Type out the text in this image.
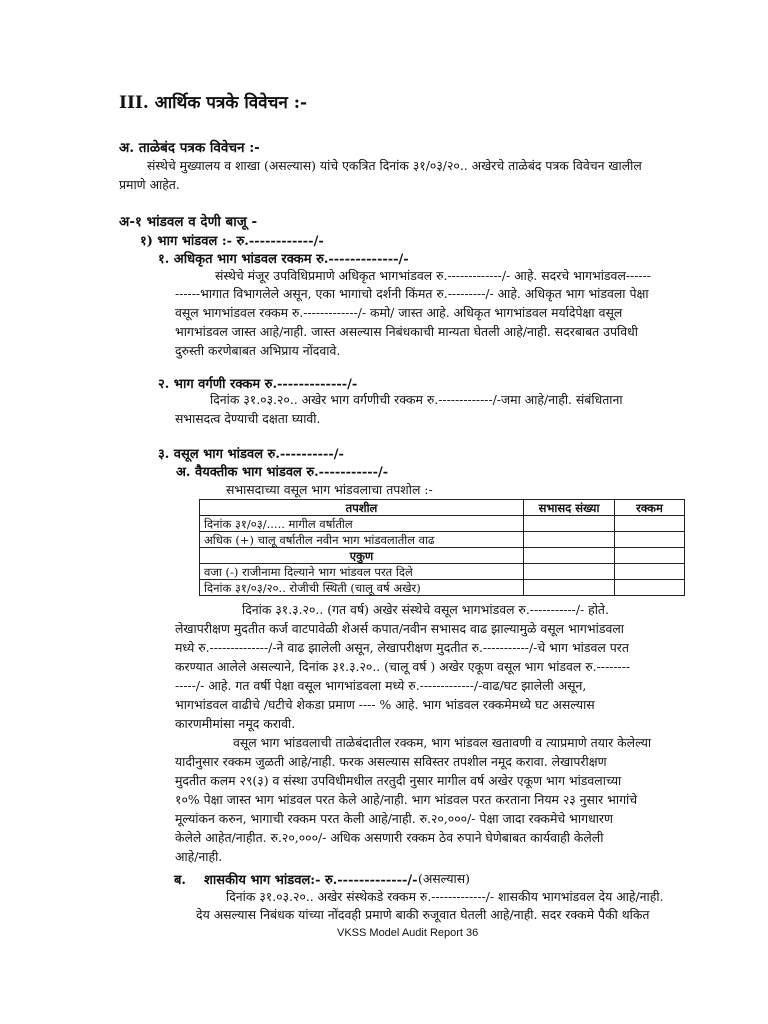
III. आर्थिक पत्रके विवेचन :-
अ. ताळेबंद पत्रक विवेचन :-
संस्थेचे मुख्यालय व शाखा (असल्यास) यांचे एकत्रित दिनांक ३१/०३/२०.. अखेरचे ताळेबंद पत्रक विवेचन खालील
प्रमाणे आहेत.
अ-१ भांडवल व देणी बाजू -
१) भाग भांडवल :- रु.------------/-
१. अधिकृत भाग भांडवल रक्कम रु.-------------/-
संस्थेचे मंजूर उपविधिप्रमाणे अधिकृत भागभांडवल रु.-------------/- आहे. सदरचे भागभांडवल------
------भागात विभागलेले असून, एका भागाचो दर्शनी किंमत रु.---------/- आहे. अधिकृत भाग भांडवला पेक्षा
वसूल भागभांडवल रक्कम रु.-------------/- कमो/ जास्त आहे. अधिकृत भागभांडवल मर्यादेपेक्षा वसूल
भागभांडवल जास्त आहे/नाही. जास्त असल्यास निबंधकाची मान्यता घेतली आहे/नाही. सदरबाबत उपविधी
दुरुस्ती करणेबाबत अभिप्राय नोंदवावे.
२. भाग वर्गणी रक्कम रु.-------------/-
दिनांक ३१.०३.२०.. अखेर भाग वर्गणीची रक्कम रु.-------------/-जमा आहे/नाही. संबंधिताना
सभासदत्व देण्याची दक्षता घ्यावी.
३. वसूल भाग भांडवल रु.----------/-
अ. वैयक्तीक भाग भांडवल रु.-----------/-
सभासदाच्या वसूल भाग भांडवलाचा तपशोल :-
तपशील	सभासद संख्या	रक्कम
दिनांक ३१/०३/..... मागील वर्षातील		
अधिक (+) चालू वर्षातील नवीन भाग भांडवलातील वाढ		
एकुण		
वजा (-) राजीनामा दिल्याने भाग भांडवल परत दिले		
दिनांक ३१/०३/२०.. रोजीची स्थिती (चालू वर्ष अखेर)		
दिनांक ३१.३.२०.. (गत वर्ष) अखेर संस्थेचे वसूल भागभांडवल रु.-----------/- होते.
लेखापरीक्षण मुदतीत कर्ज वाटपावेळी शेअर्स कपात/नवीन सभासद वाढ झाल्यामुळे वसूल भागभांडवला
मध्ये रु.--------------/-ने वाढ झालेली असून, लेखापरीक्षण मुदतीत रु.-----------/-चे भाग भांडवल परत
करण्यात आलेले असल्याने, दिनांक ३१.३.२०.. (चालू वर्ष ) अखेर एकूण वसूल भाग भांडवल रु.--------
-----/- आहे. गत वर्षी पेक्षा वसूल भागभांडवला मध्ये रु.-------------/-वाढ/घट झालेली असून,
भागभांडवल वाढीचे /घटीचे शेकडा प्रमाण ---- % आहे. भाग भांडवल रक्कमेमध्ये घट असल्यास
कारणमीमांसा नमूद करावी.
वसूल भाग भांडवलाची ताळेबंदातील रक्कम, भाग भांडवल खतावणी व त्याप्रमाणे तयार केलेल्या
यादीनुसार रक्कम जुळती आहे/नाही. फरक असल्यास सविस्तर तपशील नमूद करावा. लेखापरीक्षण
मुदतीत कलम २९(३) व संस्था उपविधीमधील तरतुदी नुसार मागील वर्ष अखेर एकूण भाग भांडवलाच्या
१०% पेक्षा जास्त भाग भांडवल परत केले आहे/नाही. भाग भांडवल परत करताना नियम २३ नुसार भागांचे
मूल्यांकन करुन, भागाची रक्कम परत केली आहे/नाही. रु.२०,०००/- पेक्षा जादा रक्कमेचे भागधारण
केलेले आहेत/नाहीत. रु.२०,०००/- अधिक असणारी रक्कम ठेव रुपाने घेणेबाबत कार्यवाही केलेली
आहे/नाही.
ब. शासकीय भाग भांडवल:- रु.-------------/- (असल्यास)
दिनांक ३१.०३.२०.. अखेर संस्थेकडे रक्कम रु.-------------/- शासकीय भागभांडवल देय आहे/नाही.
देय असल्यास निबंधक यांच्या नोंदवही प्रमाणे बाकी रुजूवात घेतली आहे/नाही. सदर रक्कमे पैकी थकित
VKSS Model Audit Report 36
